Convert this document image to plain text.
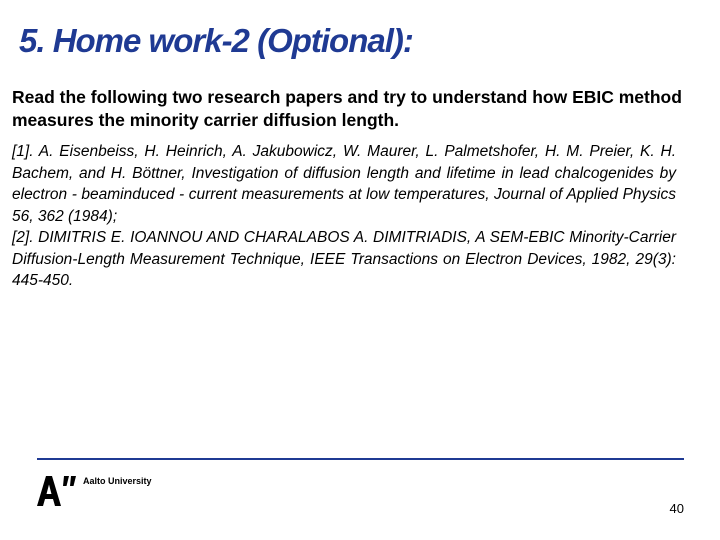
5. Home work-2 (Optional):

Read the following two research papers and try to understand how EBIC method measures the minority carrier diffusion length.

[1]. A. Eisenbeiss, H. Heinrich, A. Jakubowicz, W. Maurer, L. Palmetshofer, H. M. Preier, K. H. Bachem, and H. Böttner, Investigation of diffusion length and lifetime in lead chalcogenides by electron - beaminduced - current measurements at low temperatures, Journal of Applied Physics 56, 362 (1984);
[2]. DIMITRIS E. IOANNOU AND CHARALABOS A. DIMITRIADIS, A SEM-EBIC Minority-Carrier Diffusion-Length Measurement Technique, IEEE Transactions on Electron Devices, 1982, 29(3): 445-450.
Aalto University
40
